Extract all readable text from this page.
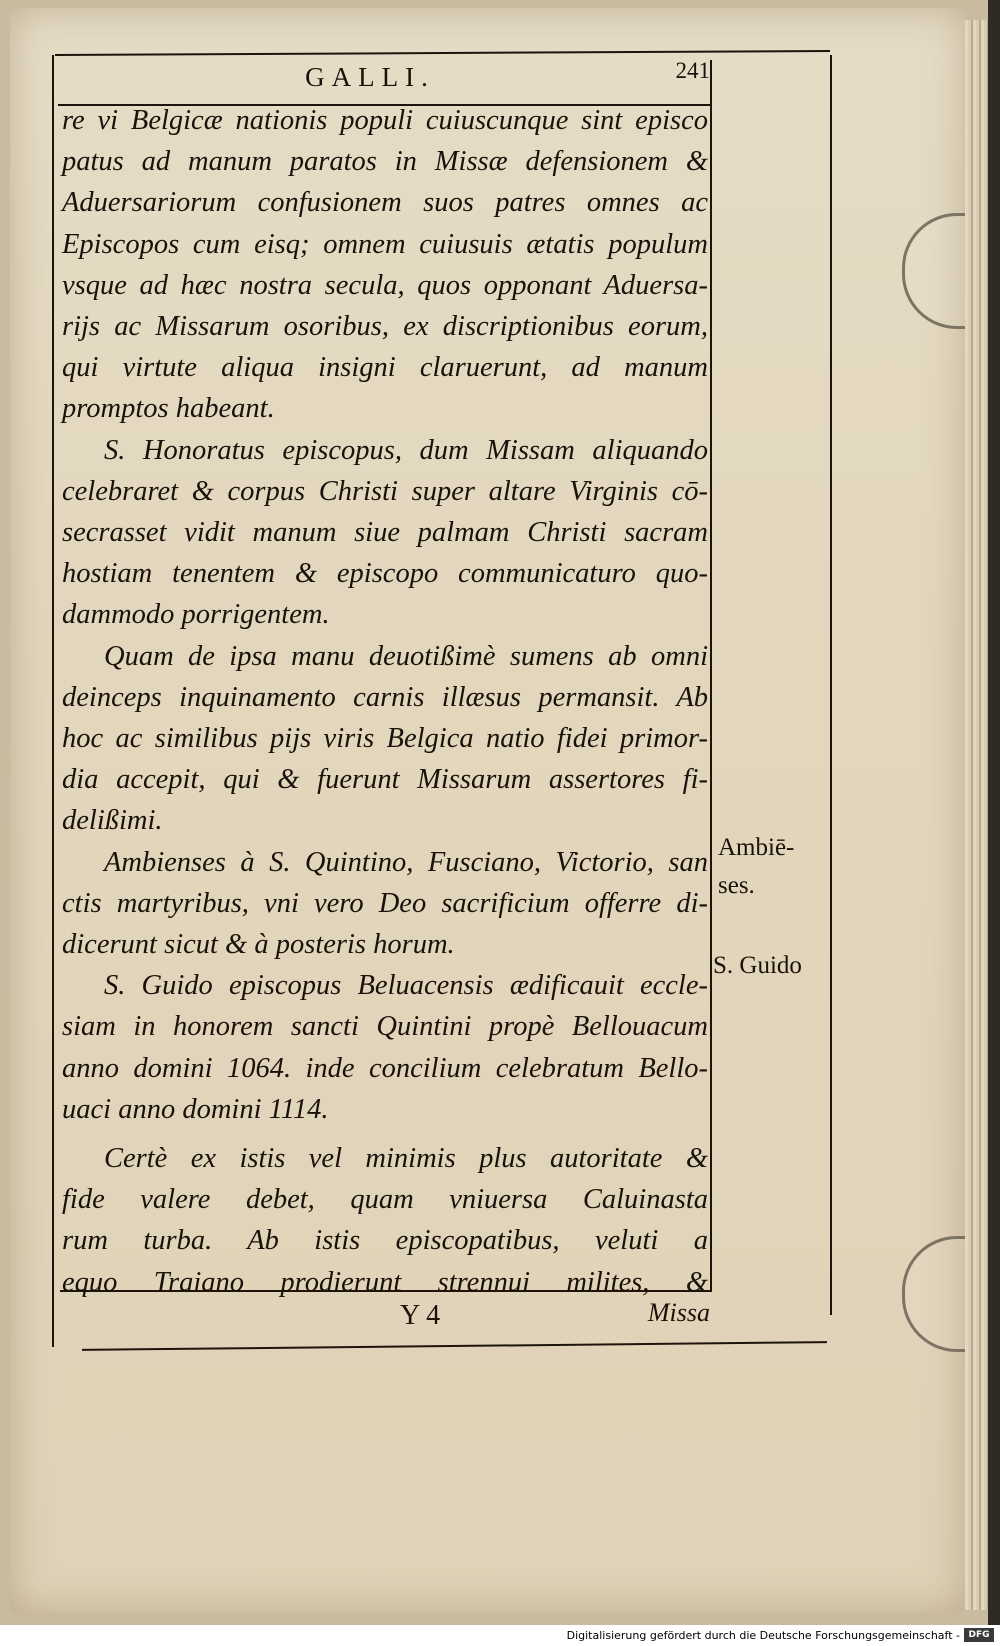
GALLI.	241
re vi Belgicæ nationis populi cuiuscunque sint episco
patus ad manum paratos in Missæ defensionem &
Aduersariorum confusionem suos patres omnes ac
Episcopos cum eisq; omnem cuiusuis ætatis populum
vsque ad hæc nostra secula, quos opponant Aduersa-
rijs ac Missarum osoribus, ex discriptionibus eorum,
qui virtute aliqua insigni claruerunt, ad manum
promptos habeant.
S. Honoratus episcopus, dum Missam aliquando
celebraret & corpus Christi super altare Virginis cō-
secrasset vidit manum siue palmam Christi sacram
hostiam tenentem & episcopo communicaturo quo-
dammodo porrigentem.
Quam de ipsa manu deuotißimè sumens ab omni
deinceps inquinamento carnis illæsus permansit. Ab
hoc ac similibus pijs viris Belgica natio fidei primor-
dia accepit, qui & fuerunt Missarum assertores fi-
delißimi.
Ambienses à S. Quintino, Fusciano, Victorio, san
ctis martyribus, vni vero Deo sacrificium offerre di-
dicerunt sicut & à posteris horum.
S. Guido episcopus Beluacensis ædificauit eccle-
siam in honorem sancti Quintini propè Bellouacum
anno domini 1064. inde concilium celebratum Bello-
uaci anno domini 1114.
Certè ex istis vel minimis plus autoritate &
fide valere debet, quam vniuersa Caluinasta
rum turba. Ab istis episcopatibus, veluti a
equo Traiano prodierunt strennui milites, &
Ambiē-
ses.
S. Guido
Y 4	Missa
Digitalisierung gefördert durch die Deutsche Forschungsgemeinschaft - DFG
